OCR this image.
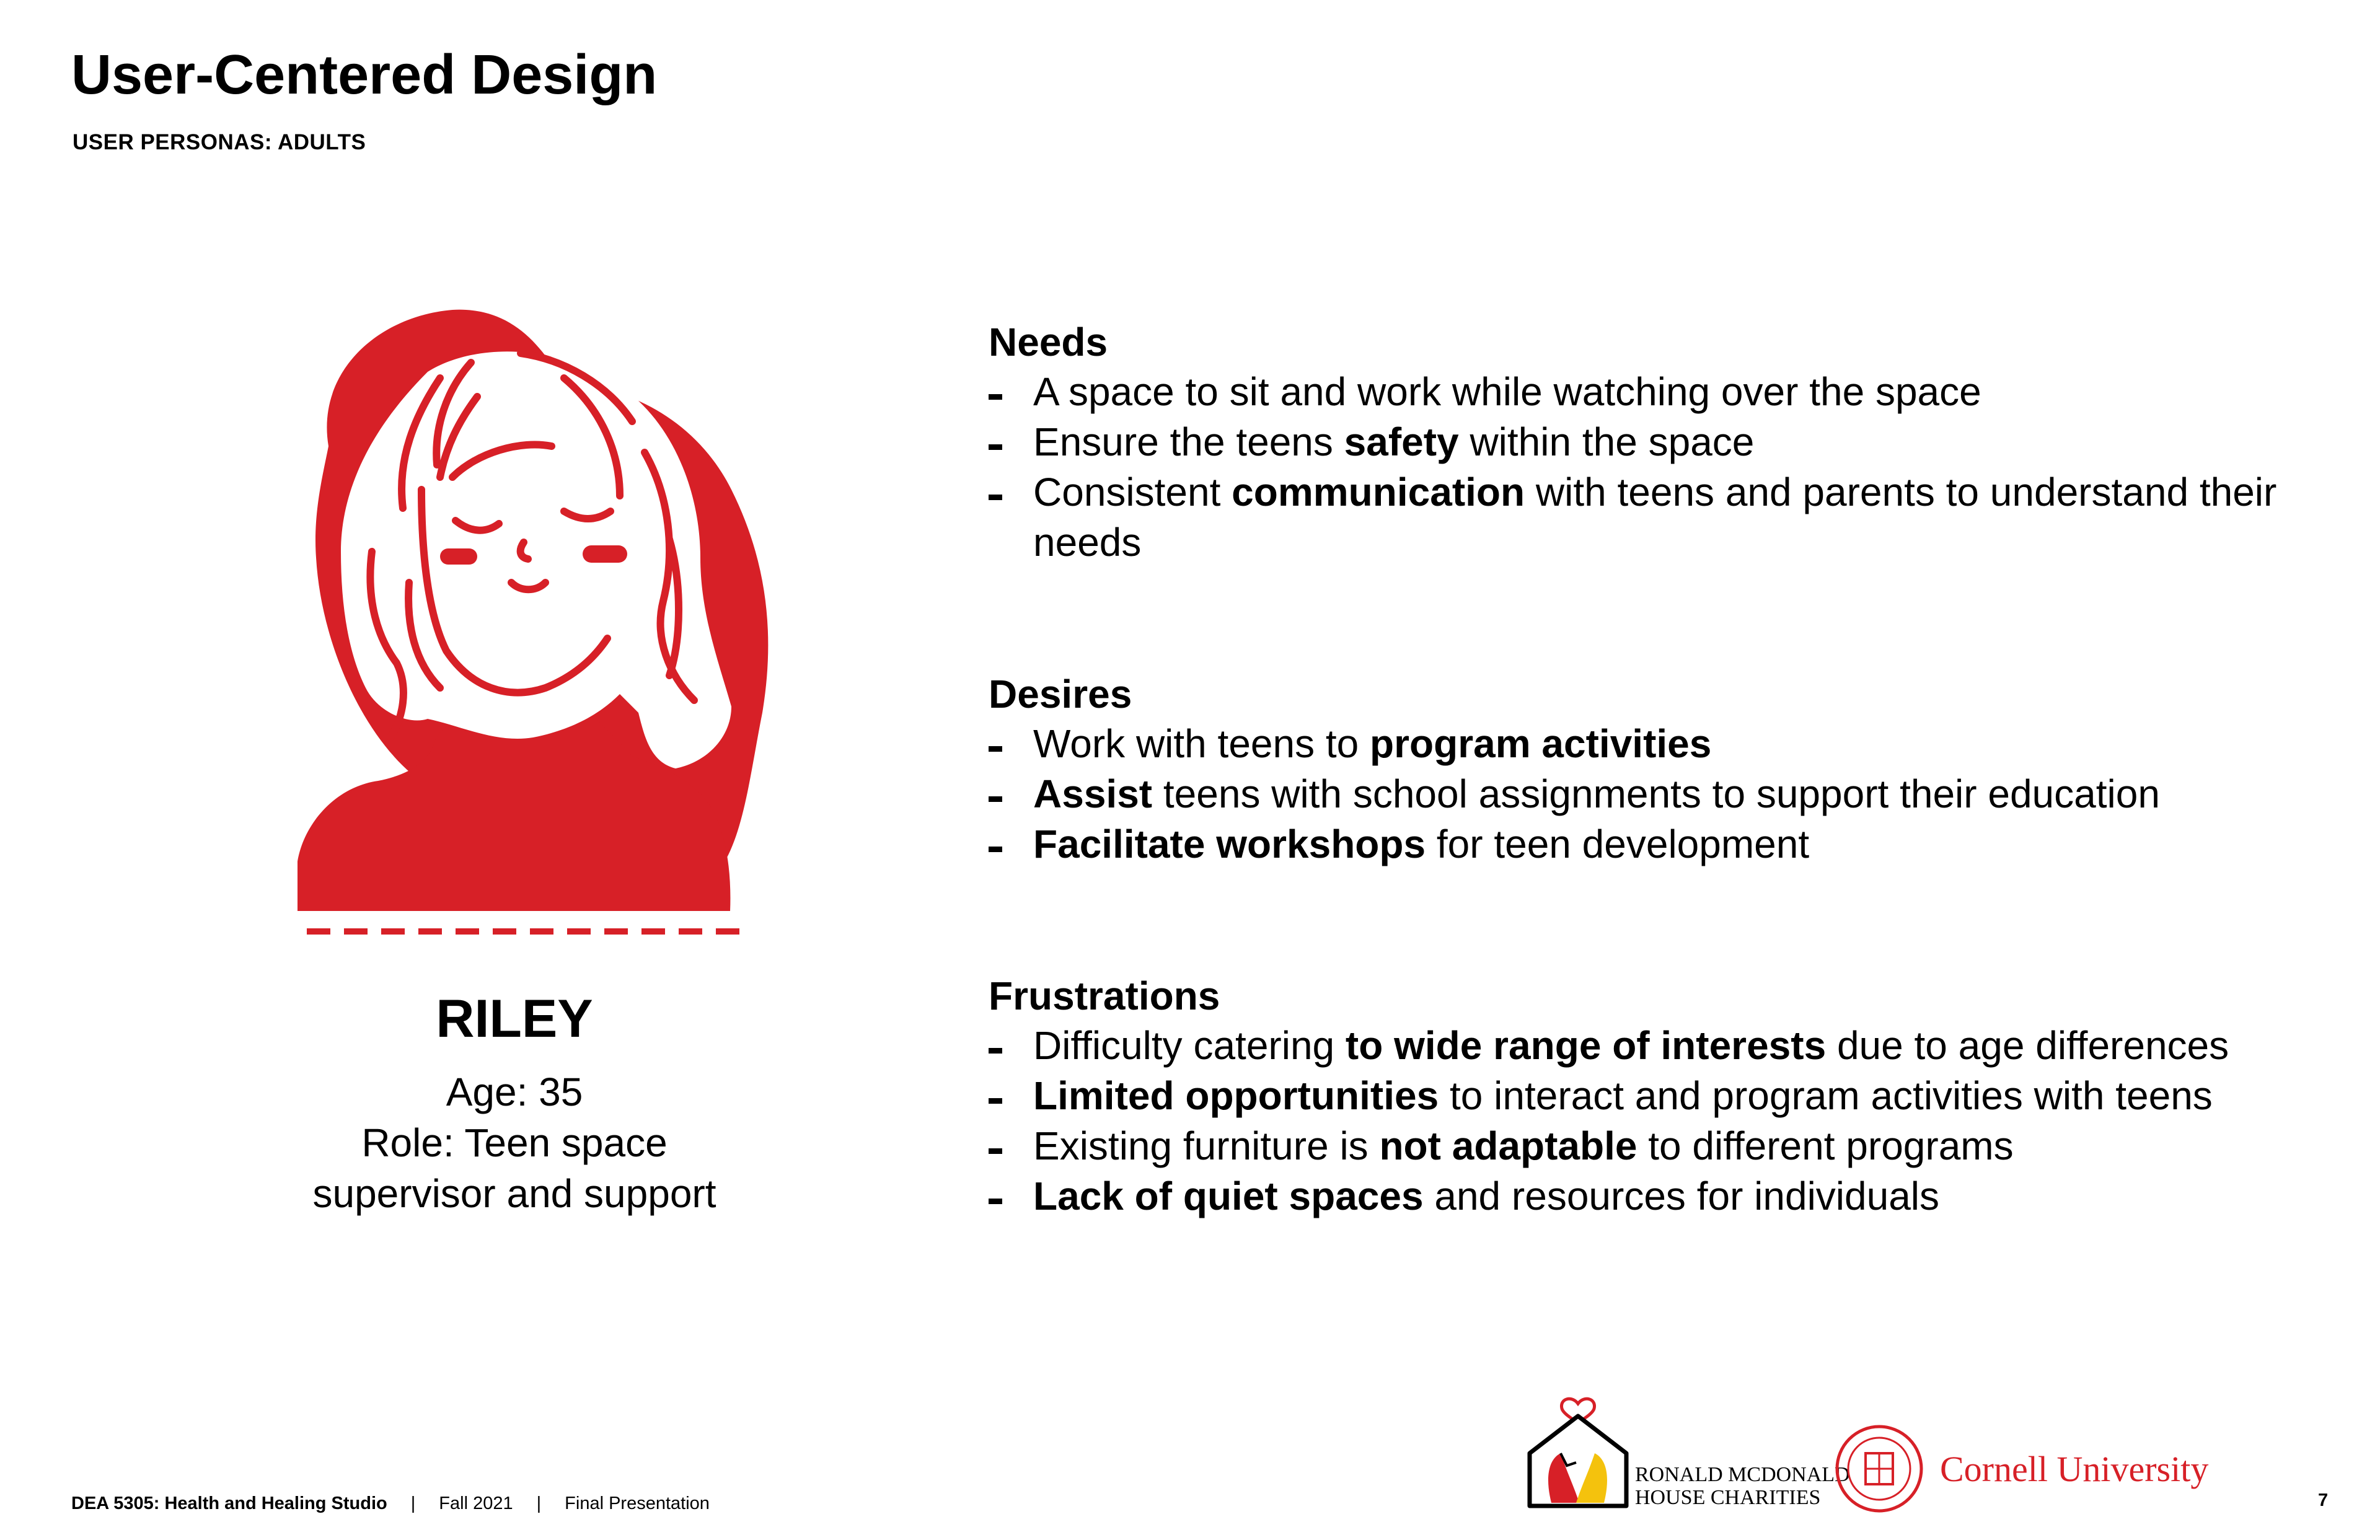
User-Centered Design
USER PERSONAS: ADULTS
RILEY
Age: 35
Role: Teen space
supervisor and support
Needs
A space to sit and work while watching over the space
Ensure the teens safety within the space
Consistent communication with teens and parents to understand their needs
Desires
Work with teens to program activities
Assist teens with school assignments to support their education
Facilitate workshops for teen development
Frustrations
Difficulty catering to wide range of interests due to age differences
Limited opportunities to interact and program activities with teens
Existing furniture is not adaptable to different programs
Lack of quiet spaces and resources for individuals
RONALD MCDONALD
HOUSE CHARITIES
Cornell University
DEA 5305: Health and Healing Studio | Fall 2021 | Final Presentation	7
